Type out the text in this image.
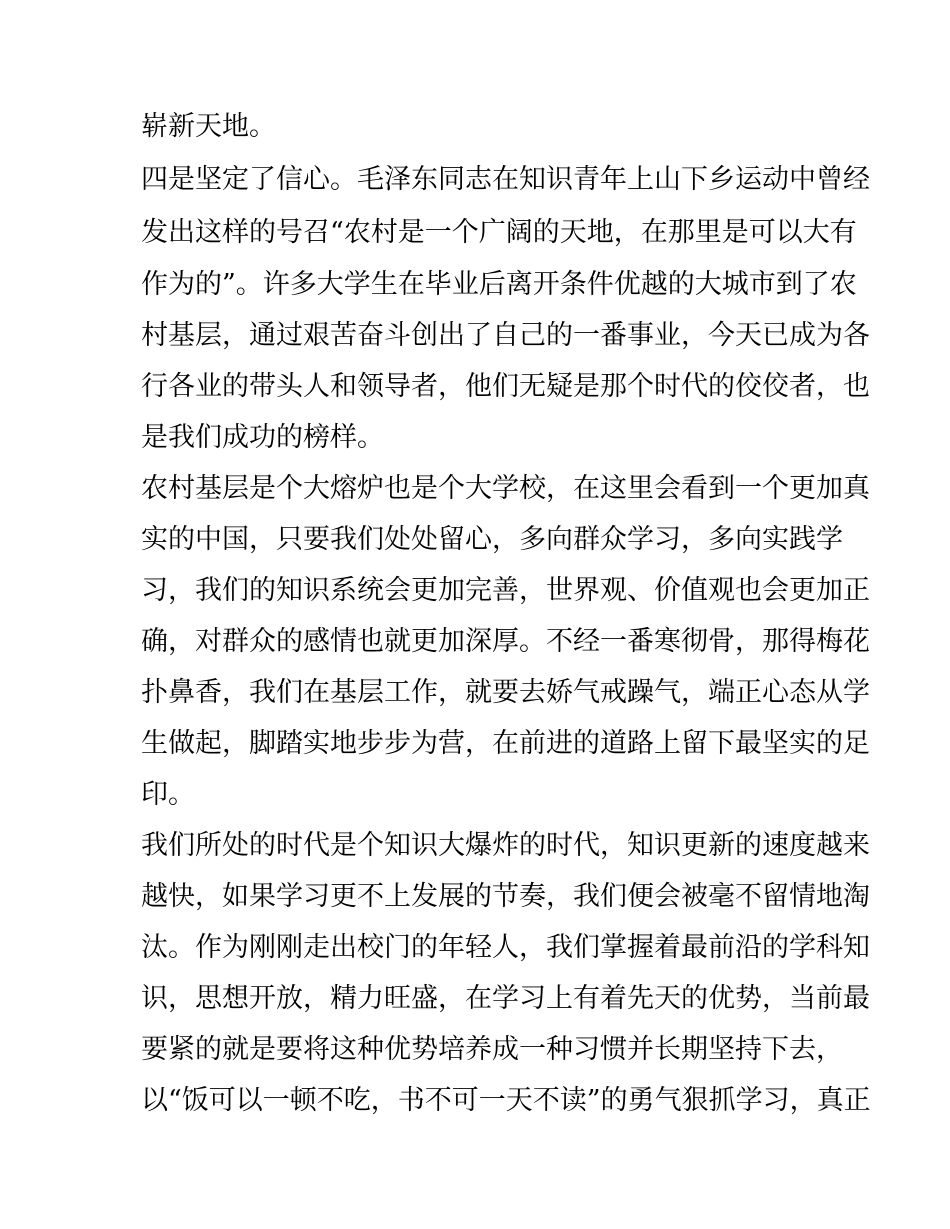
崭新天地。
四是坚定了信心。毛泽东同志在知识青年上山下乡运动中曾经
发出这样的号召“农村是一个广阔的天地，在那里是可以大有
作为的”。许多大学生在毕业后离开条件优越的大城市到了农
村基层，通过艰苦奋斗创出了自己的一番事业，今天已成为各
行各业的带头人和领导者，他们无疑是那个时代的佼佼者，也
是我们成功的榜样。
农村基层是个大熔炉也是个大学校，在这里会看到一个更加真
实的中国，只要我们处处留心，多向群众学习，多向实践学
习，我们的知识系统会更加完善，世界观、价值观也会更加正
确，对群众的感情也就更加深厚。不经一番寒彻骨，那得梅花
扑鼻香，我们在基层工作，就要去娇气戒躁气，端正心态从学
生做起，脚踏实地步步为营，在前进的道路上留下最坚实的足
印。
我们所处的时代是个知识大爆炸的时代，知识更新的速度越来
越快，如果学习更不上发展的节奏，我们便会被毫不留情地淘
汰。作为刚刚走出校门的年轻人，我们掌握着最前沿的学科知
识，思想开放，精力旺盛，在学习上有着先天的优势，当前最
要紧的就是要将这种优势培养成一种习惯并长期坚持下去，
以“饭可以一顿不吃，书不可一天不读”的勇气狠抓学习，真正
